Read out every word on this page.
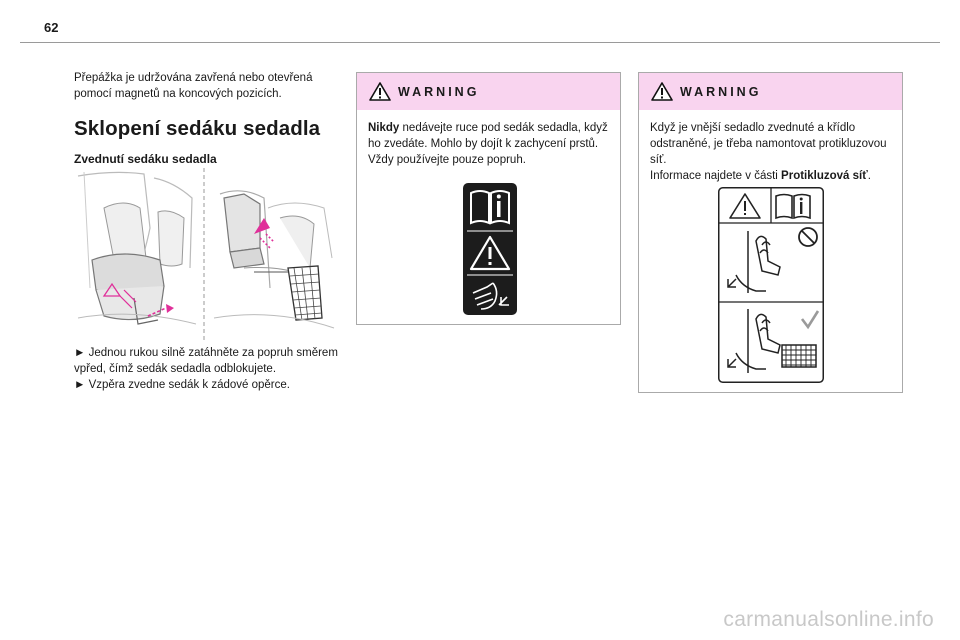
62

Přepážka je udržována zavřená nebo otevřená pomocí magnetů na koncových pozicích.

Sklopení sedáku sedadla
Zvednutí sedáku sedadla

► Jednou rukou silně zatáhněte za popruh směrem vpřed, čímž sedák sedadla odblokujete.

► Vzpěra zvedne sedák k zádové opěrce.

WARNING

Nikdy nedávejte ruce pod sedák sedadla, když ho zvedáte. Mohlo by dojít k zachycení prstů.

Vždy používejte pouze popruh.

WARNING

Když je vnější sedadlo zvednuté a křídlo odstraněné, je třeba namontovat protikluzovou síť.

Informace najdete v části Protikluzová síť.

carmanualsonline.info
